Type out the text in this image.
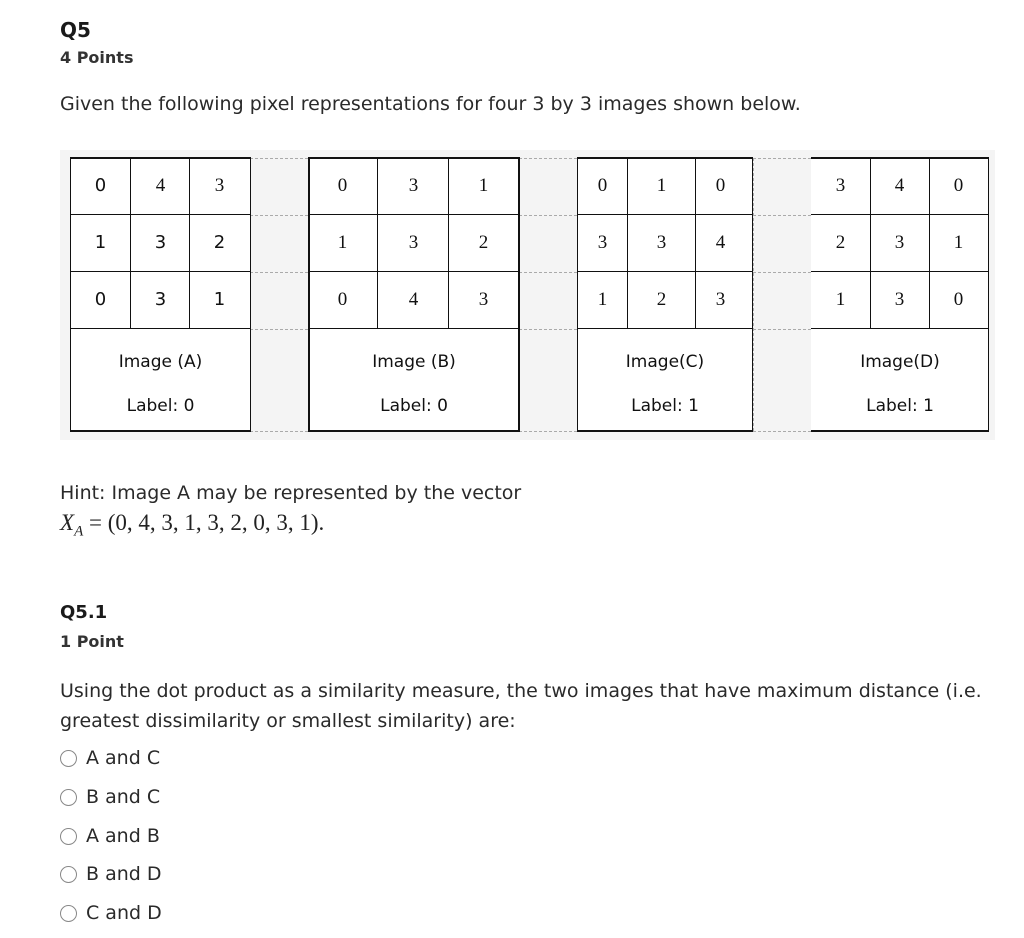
Q5
4 Points
Given the following pixel representations for four 3 by 3 images shown below.
0	4	3
1	3	2
0	3	1
Image (A)
Label: 0
0	3	1
1	3	2
0	4	3
Image (B)
Label: 0
0	1	0
3	3	4
1	2	3
Image(C)
Label: 1
3	4	0
2	3	1
1	3	0
Image(D)
Label: 1
Hint: Image A may be represented by the vector
$X_A = (0$, 4, 3, 1, 3, 2, 0, 3, 1).
Q5.1
1 Point
Using the dot product as a similarity measure, the two images that have maximum distance (i.e. greatest dissimilarity or smallest similarity) are:
A and C
B and C
A and B
B and D
C and D
